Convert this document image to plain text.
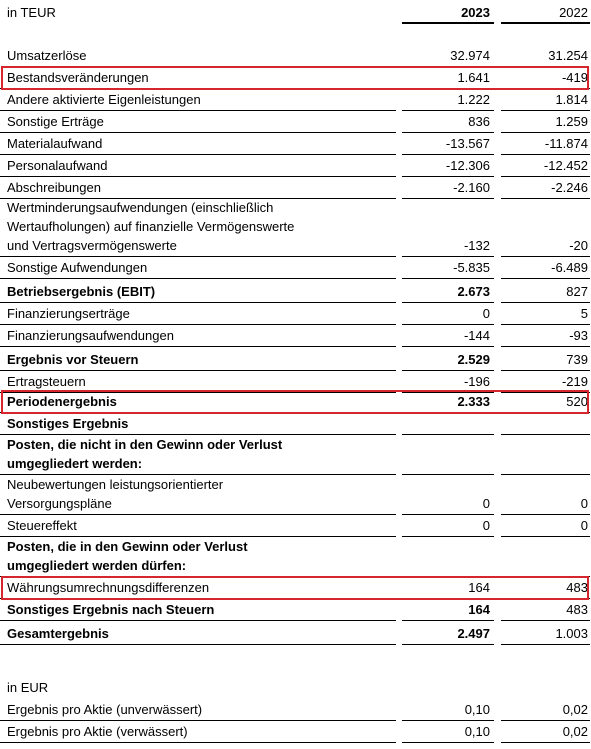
in TEUR	2023	2022
Umsatzerlöse	32.974	31.254
Bestandsveränderungen	1.641	-419
Andere aktivierte Eigenleistungen	1.222	1.814
Sonstige Erträge	836	1.259
Materialaufwand	-13.567	-11.874
Personalaufwand	-12.306	-12.452
Abschreibungen	-2.160	-2.246
Wertminderungsaufwendungen (einschließlich
Wertaufholungen) auf finanzielle Vermögenswerte
und Vertragsvermögenswerte	-132	-20
Sonstige Aufwendungen	-5.835	-6.489
Betriebsergebnis (EBIT)	2.673	827
Finanzierungserträge	0	5
Finanzierungsaufwendungen	-144	-93
Ergebnis vor Steuern	2.529	739
Ertragsteuern	-196	-219
Periodenergebnis	2.333	520
Sonstiges Ergebnis
Posten, die nicht in den Gewinn oder Verlust
umgegliedert werden:
Neubewertungen leistungsorientierter
Versorgungspläne	0	0
Steuereffekt	0	0
Posten, die in den Gewinn oder Verlust
umgegliedert werden dürfen:
Währungsumrechnungsdifferenzen	164	483
Sonstiges Ergebnis nach Steuern	164	483
Gesamtergebnis	2.497	1.003
in EUR
Ergebnis pro Aktie (unverwässert)	0,10	0,02
Ergebnis pro Aktie (verwässert)	0,10	0,02
